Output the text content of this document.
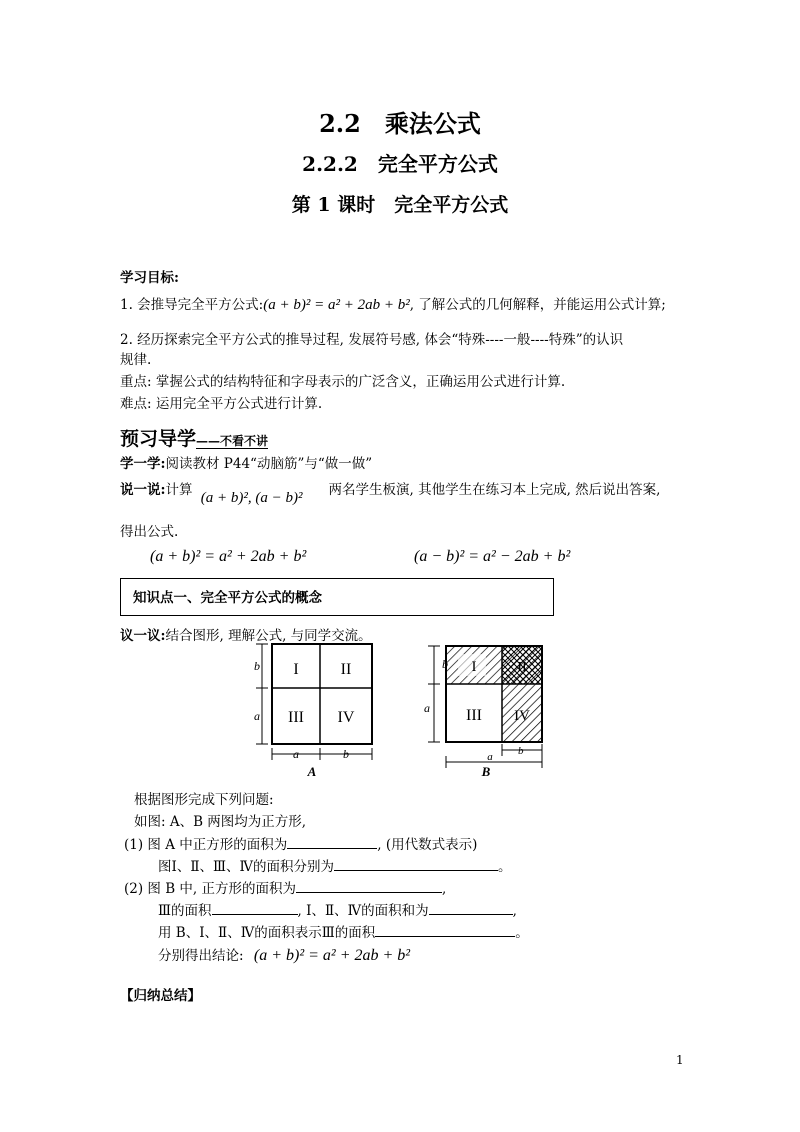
2.2　乘法公式
2.2.2　完全平方公式
第 1 课时　完全平方公式
学习目标:
1. 会推导完全平方公式:(a + b)² = a² + 2ab + b², 了解公式的几何解释，并能运用公式计算;
2. 经历探索完全平方公式的推导过程, 发展符号感, 体会“特殊----一般----特殊”的认识
规律.
重点: 掌握公式的结构特征和字母表示的广泛含义，正确运用公式进行计算.
难点: 运用完全平方公式进行计算.
预习导学——不看不讲
学一学:阅读教材 P44“动脑筋”与“做一做”
说一说:计算 (a + b)², (a − b)² 两名学生板演, 其他学生在练习本上完成, 然后说出答案,
得出公式.
(a + b)² = a² + 2ab + b²	(a − b)² = a² − 2ab + b²
知识点一、完全平方公式的概念
议一议:结合图形, 理解公式, 与同学交流。
I	II
III IV
b
a
a	b
A
I	II
III IV
b
a
b
a
B
根据图形完成下列问题:
如图: A、B 两图均为正方形,
(1) 图 A 中正方形的面积为	, (用代数式表示)
图Ⅰ、Ⅱ、Ⅲ、Ⅳ的面积分别为	。
(2) 图 B 中, 正方形的面积为	,
Ⅲ的面积	, Ⅰ、Ⅱ、Ⅳ的面积和为	,
用 B、Ⅰ、Ⅱ、Ⅳ的面积表示Ⅲ的面积	。
分别得出结论: (a + b)² = a² + 2ab + b²
【归纳总结】
1
